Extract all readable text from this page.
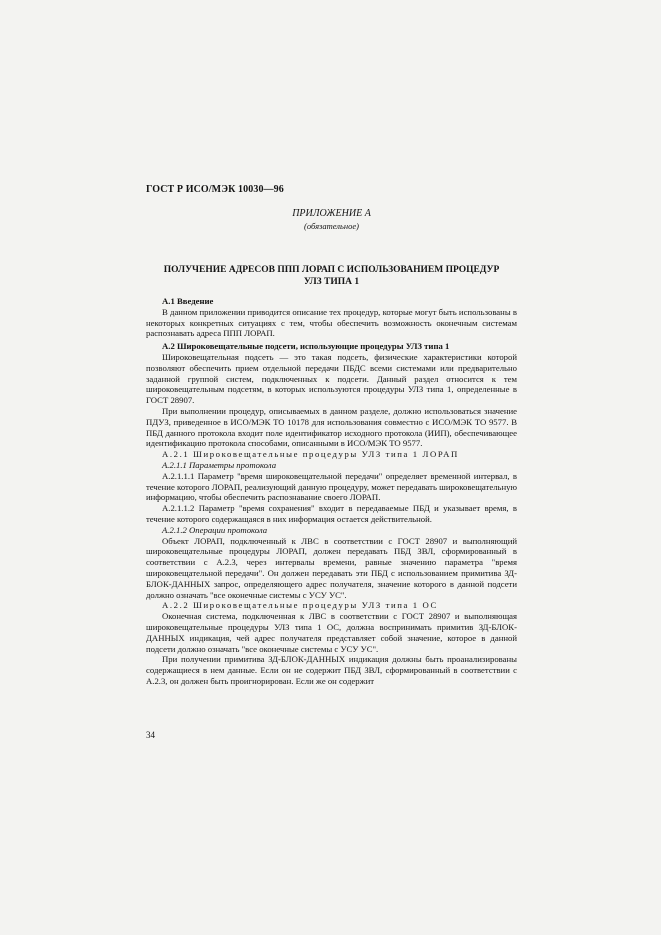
ГОСТ Р ИСО/МЭК 10030—96
ПРИЛОЖЕНИЕ А
(обязательное)
ПОЛУЧЕНИЕ АДРЕСОВ ППП ЛОРАП С ИСПОЛЬЗОВАНИЕМ ПРОЦЕДУР
УЛЗ ТИПА 1

А.1 Введение

В данном приложении приводится описание тех процедур, которые могут быть использованы в некоторых конкретных ситуациях с тем, чтобы обеспечить возможность оконечным системам распознавать адреса ППП ЛОРАП.

А.2 Широковещательные подсети, использующие процедуры УЛЗ типа 1

Широковещательная подсеть — это такая подсеть, физические характеристики которой позволяют обеспечить прием отдельной передачи ПБДС всеми системами или предварительно заданной группой систем, подключенных к подсети. Данный раздел относится к тем широковещательным подсетям, в которых используются процедуры УЛЗ типа 1, определенные в ГОСТ 28907.

При выполнении процедур, описываемых в данном разделе, должно использоваться значение ПДУЗ, приведенное в ИСО/МЭК ТО 10178 для использования совместно с ИСО/МЭК ТО 9577. В ПБД данного протокола входит поле идентификатор исходного протокола (ИИП), обеспечивающее идентификацию протокола способами, описанными в ИСО/МЭК ТО 9577.

А.2.1 Широковещательные процедуры УЛЗ типа 1 ЛОРАП

А.2.1.1 Параметры протокола

А.2.1.1.1 Параметр "время широковещательной передачи" определяет временной интервал, в течение которого ЛОРАП, реализующий данную процедуру, может передавать широковещательную информацию, чтобы обеспечить распознавание своего ЛОРАП.

А.2.1.1.2 Параметр "время сохранения" входит в передаваемые ПБД и указывает время, в течение которого содержащаяся в них информация остается действительной.

А.2.1.2 Операции протокола

Объект ЛОРАП, подключенный к ЛВС в соответствии с ГОСТ 28907 и выполняющий широковещательные процедуры ЛОРАП, должен передавать ПБД ЗВЛ, сформированный в соответствии с А.2.3, через интервалы времени, равные значению параметра "время широковещательной передачи". Он должен передавать эти ПБД с использованием примитива ЗД-БЛОК-ДАННЫХ запрос, определяющего адрес получателя, значение которого в данной подсети должно означать "все оконечные системы с УСУ УС".

А.2.2 Широковещательные процедуры УЛЗ типа 1 ОС

Оконечная система, подключенная к ЛВС в соответствии с ГОСТ 28907 и выполняющая широковещательные процедуры УЛЗ типа 1 ОС, должна воспринимать примитив ЗД-БЛОК-ДАННЫХ индикация, чей адрес получателя представляет собой значение, которое в данной подсети должно означать "все оконечные системы с УСУ УС".

При получении примитива ЗД-БЛОК-ДАННЫХ индикация должны быть проанализированы содержащиеся в нем данные. Если он не содержит ПБД ЗВЛ, сформированный в соответствии с А.2.3, он должен быть проигнорирован. Если же он содержит

34
